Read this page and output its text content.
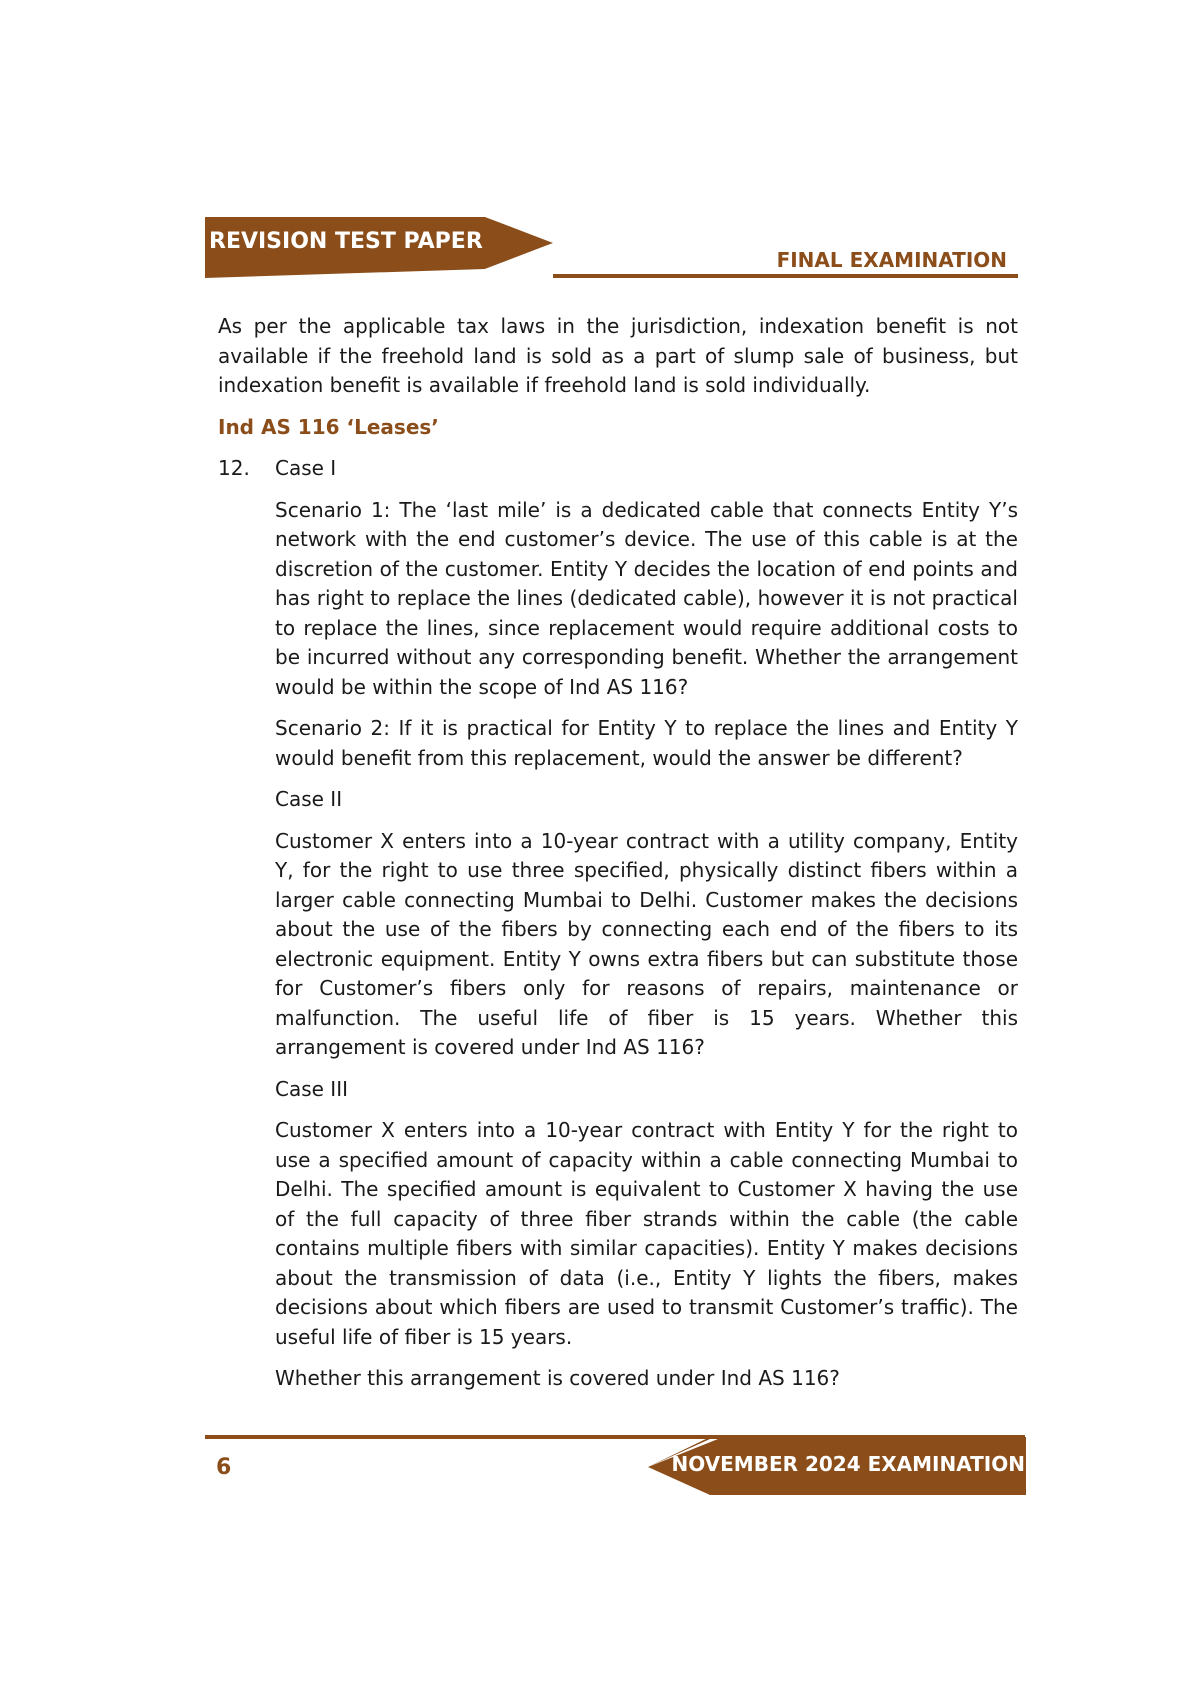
REVISION TEST PAPER
FINAL EXAMINATION

As per the applicable tax laws in the jurisdiction, indexation benefit is not available if the freehold land is sold as a part of slump sale of business, but indexation benefit is available if freehold land is sold individually.

Ind AS 116 ‘Leases’

12.	Case I

Scenario 1: The ‘last mile’ is a dedicated cable that connects Entity Y’s network with the end customer’s device. The use of this cable is at the discretion of the customer. Entity Y decides the location of end points and has right to replace the lines (dedicated cable), however it is not practical to replace the lines, since replacement would require additional costs to be incurred without any corresponding benefit. Whether the arrangement would be within the scope of Ind AS 116?

Scenario 2: If it is practical for Entity Y to replace the lines and Entity Y would benefit from this replacement, would the answer be different?

Case II

Customer X enters into a 10-year contract with a utility company, Entity Y, for the right to use three specified, physically distinct fibers within a larger cable connecting Mumbai to Delhi. Customer makes the decisions about the use of the fibers by connecting each end of the fibers to its electronic equipment. Entity Y owns extra fibers but can substitute those for Customer’s fibers only for reasons of repairs, maintenance or malfunction. The useful life of fiber is 15 years. Whether this arrangement is covered under Ind AS 116?

Case III

Customer X enters into a 10-year contract with Entity Y for the right to use a specified amount of capacity within a cable connecting Mumbai to Delhi. The specified amount is equivalent to Customer X having the use of the full capacity of three fiber strands within the cable (the cable contains multiple fibers with similar capacities). Entity Y makes decisions about the transmission of data (i.e., Entity Y lights the fibers, makes decisions about which fibers are used to transmit Customer’s traffic). The useful life of fiber is 15 years.

Whether this arrangement is covered under Ind AS 116?

6	NOVEMBER 2024 EXAMINATION
